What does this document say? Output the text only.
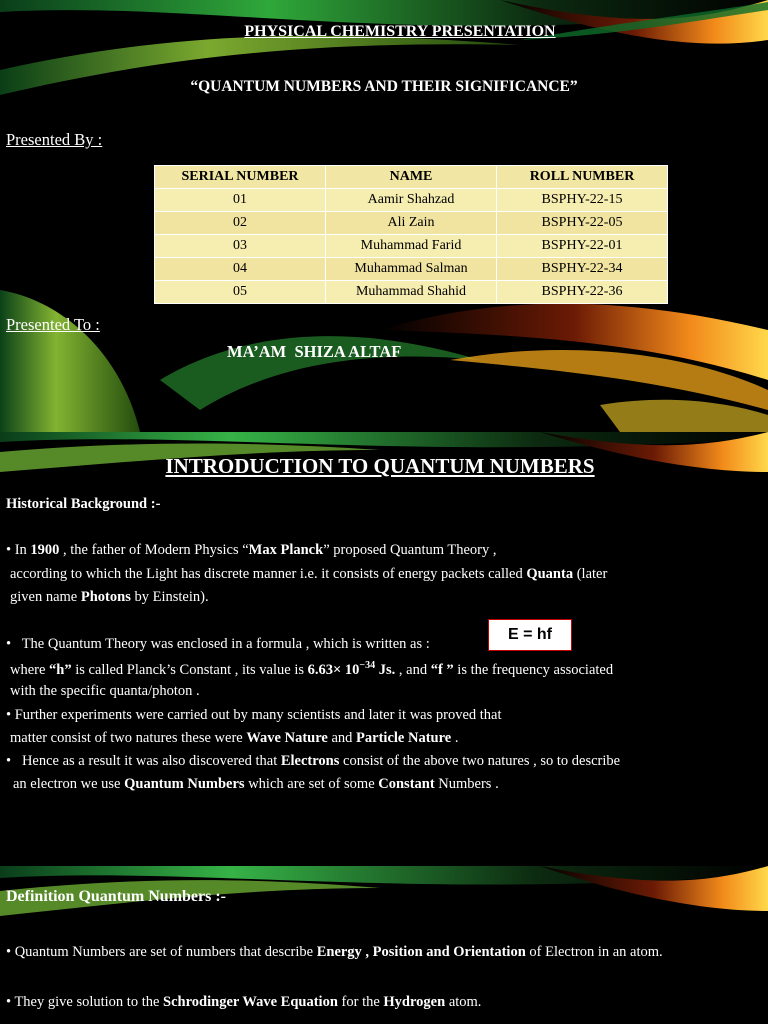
PHYSICAL CHEMISTRY PRESENTATION
“QUANTUM NUMBERS AND THEIR SIGNIFICANCE”
Presented By :
SERIAL NUMBER	NAME	ROLL NUMBER
01	Aamir Shahzad	BSPHY-22-15
02	Ali Zain	BSPHY-22-05
03	Muhammad Farid	BSPHY-22-01
04	Muhammad Salman	BSPHY-22-34
05	Muhammad Shahid	BSPHY-22-36
Presented To :
MA’AM  SHIZA ALTAF
INTRODUCTION TO QUANTUM NUMBERS
Historical Background :-
• In 1900 , the father of Modern Physics “Max Planck” proposed Quantum Theory ,
according to which the Light has discrete manner i.e. it consists of energy packets called Quanta (later
given name Photons by Einstein).
•   The Quantum Theory was enclosed in a formula , which is written as :
where “h” is called Planck’s Constant , its value is $6.63\times 10^{-34}$ Js. , and “f ” is the frequency associated
with the specific quanta/photon .
• Further experiments were carried out by many scientists and later it was proved that
matter consist of two natures these were Wave Nature and Particle Nature .
•   Hence as a result it was also discovered that Electrons consist of the above two natures , so to describe
an electron we use Quantum Numbers which are set of some Constant Numbers .
E = hf
Definition Quantum Numbers :-
• Quantum Numbers are set of numbers that describe Energy , Position and Orientation of Electron in an atom.
• They give solution to the Schrodinger Wave Equation for the Hydrogen atom.
